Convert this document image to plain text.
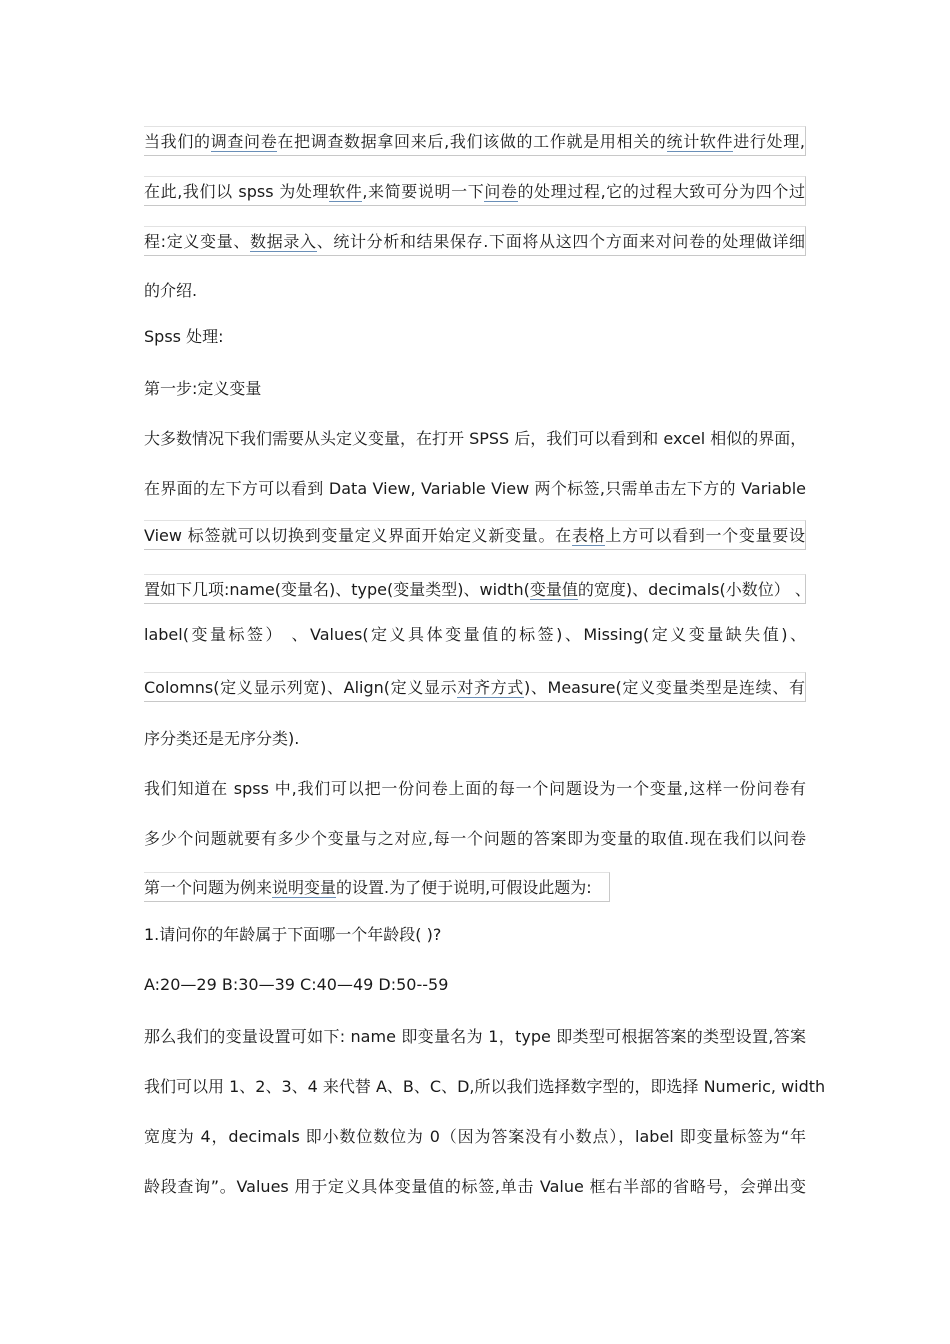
当我们的调查问卷在把调查数据拿回来后,我们该做的工作就是用相关的统计软件进行处理,
在此,我们以 spss 为处理软件,来简要说明一下问卷的处理过程,它的过程大致可分为四个过
程:定义变量、数据录入、统计分析和结果保存.下面将从这四个方面来对问卷的处理做详细
的介绍.
Spss 处理:
第一步:定义变量
大多数情况下我们需要从头定义变量，在打开 SPSS 后，我们可以看到和 excel 相似的界面，
在界面的左下方可以看到 Data View, Variable View 两个标签,只需单击左下方的 Variable
View 标签就可以切换到变量定义界面开始定义新变量。在表格上方可以看到一个变量要设
置如下几项:name(变量名)、type(变量类型)、width(变量值的宽度)、decimals(小数位） 、
label(变量标签） 、Values(定义具体变量值的标签)、Missing(定义变量缺失值)、
Colomns(定义显示列宽)、Align(定义显示对齐方式)、Measure(定义变量类型是连续、有
序分类还是无序分类).
我们知道在 spss 中,我们可以把一份问卷上面的每一个问题设为一个变量,这样一份问卷有
多少个问题就要有多少个变量与之对应,每一个问题的答案即为变量的取值.现在我们以问卷
第一个问题为例来说明变量的设置.为了便于说明,可假设此题为:
1.请问你的年龄属于下面哪一个年龄段( )?
A:20—29 B:30—39 C:40—49 D:50--59
那么我们的变量设置可如下: name 即变量名为 1，type 即类型可根据答案的类型设置,答案
我们可以用 1、2、3、4 来代替 A、B、C、D,所以我们选择数字型的，即选择 Numeric, width
宽度为 4，decimals 即小数位数位为 0（因为答案没有小数点），label 即变量标签为“年
龄段查询”。Values 用于定义具体变量值的标签,单击 Value 框右半部的省略号，会弹出变
